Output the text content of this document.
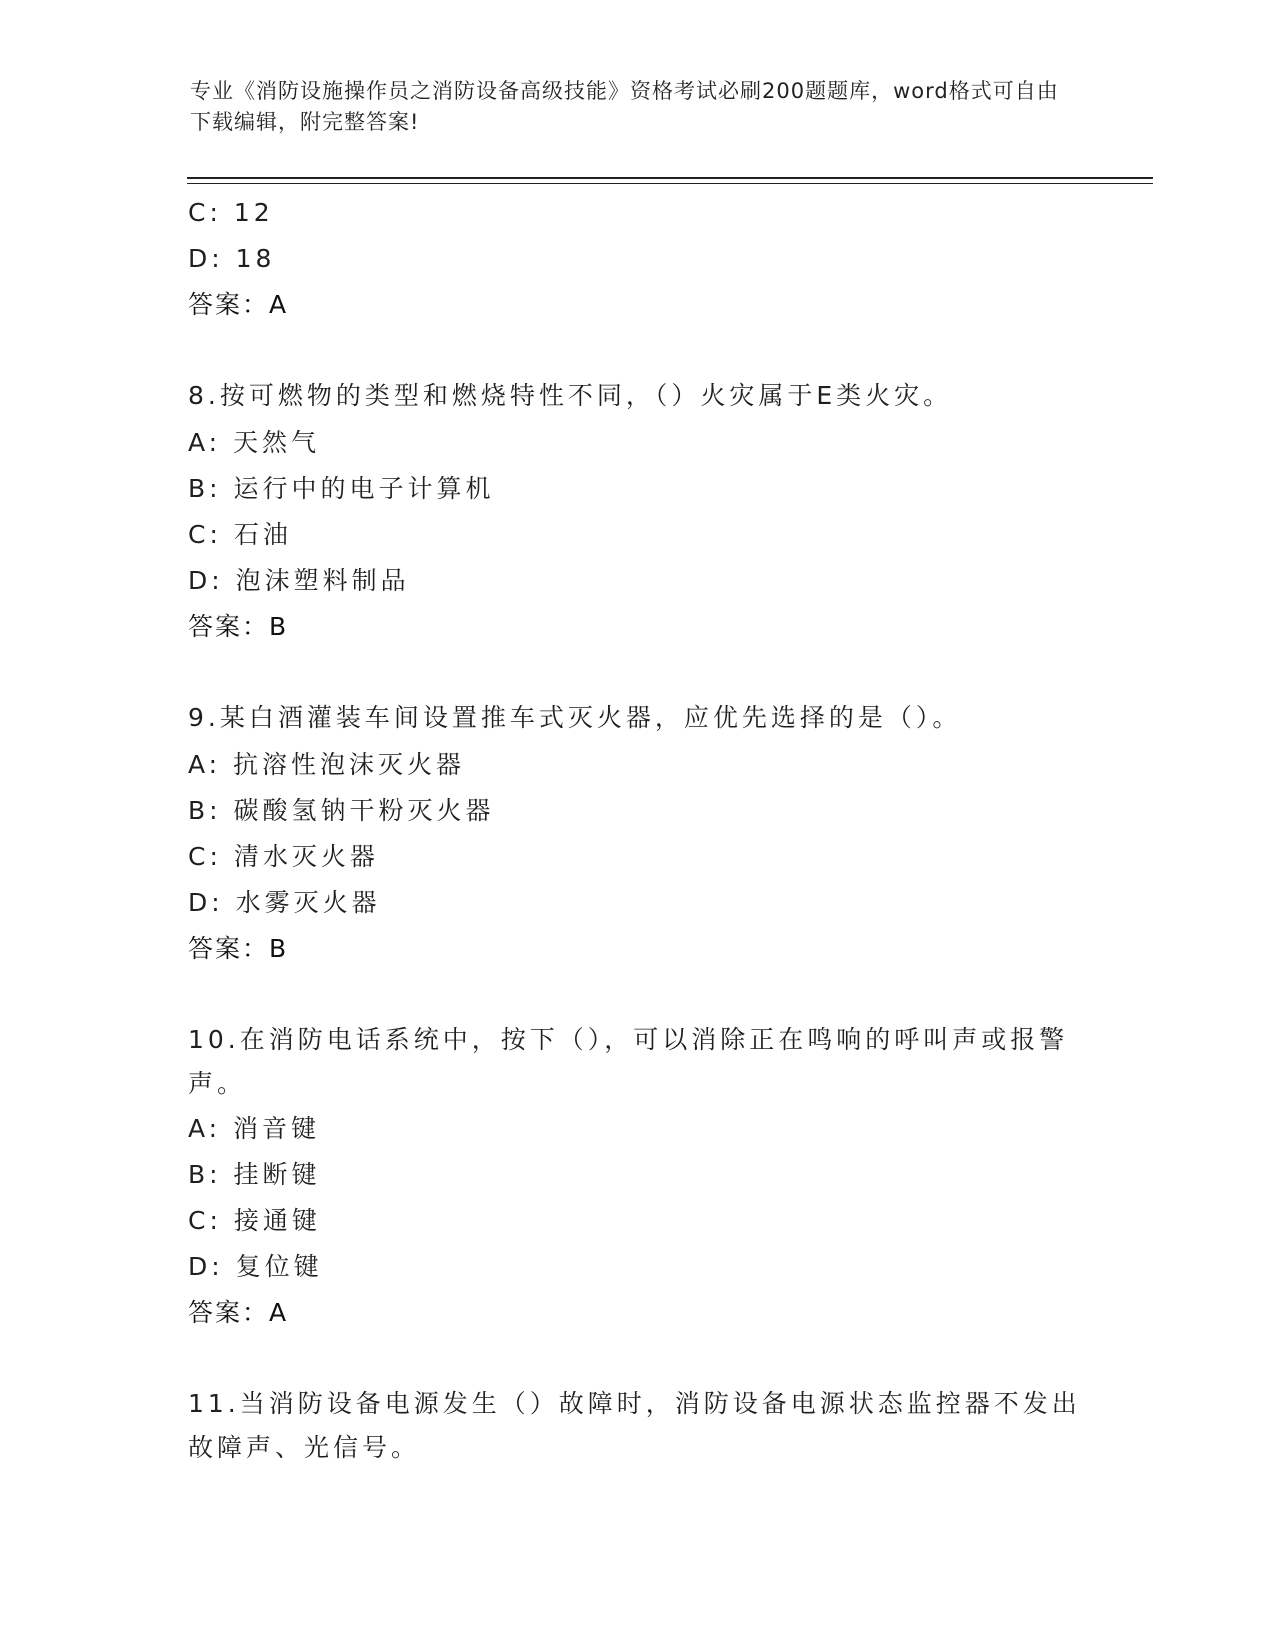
专业《消防设施操作员之消防设备高级技能》资格考试必刷200题题库，word格式可自由下载编辑，附完整答案!
C: 12
D: 18
答案：A
8.按可燃物的类型和燃烧特性不同，（）火灾属于E类火灾。
A: 天然气
B: 运行中的电子计算机
C: 石油
D: 泡沫塑料制品
答案：B
9.某白酒灌装车间设置推车式灭火器，应优先选择的是（）。
A: 抗溶性泡沫灭火器
B: 碳酸氢钠干粉灭火器
C: 清水灭火器
D: 水雾灭火器
答案：B
10.在消防电话系统中，按下（），可以消除正在鸣响的呼叫声或报警声。
A: 消音键
B: 挂断键
C: 接通键
D: 复位键
答案：A
11.当消防设备电源发生（）故障时，消防设备电源状态监控器不发出故障声、光信号。
